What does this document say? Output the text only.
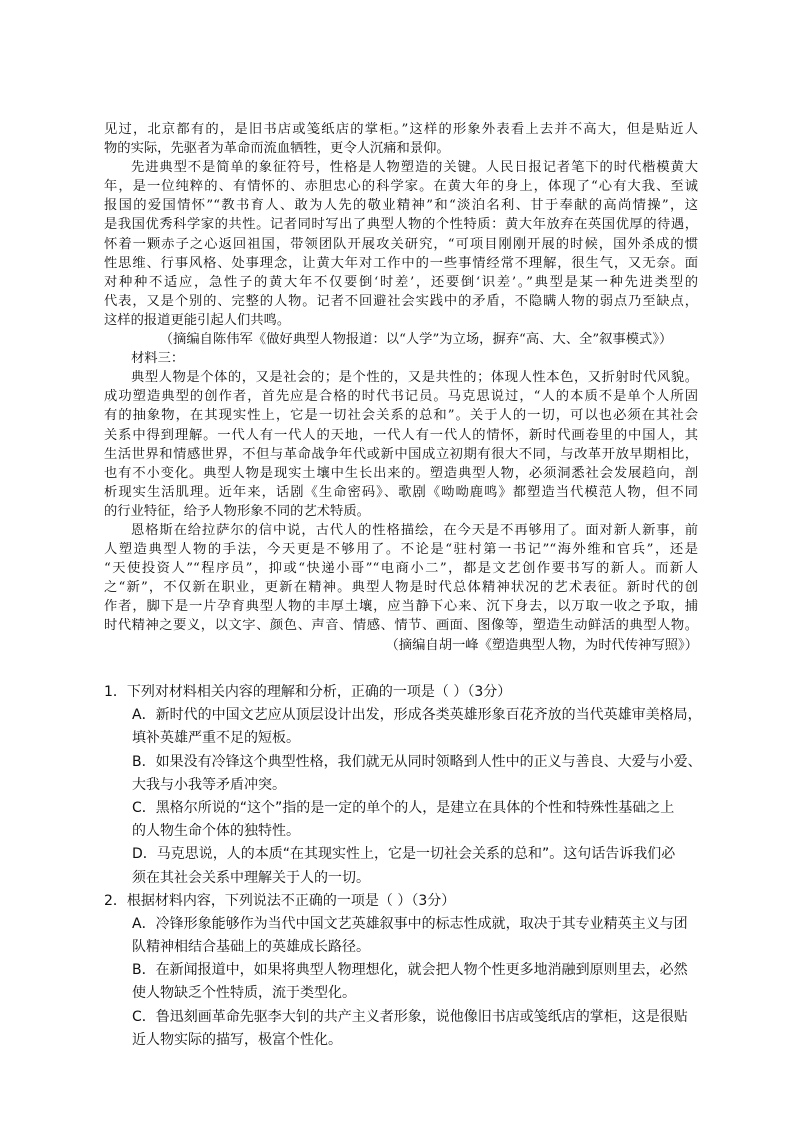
见过，北京都有的，是旧书店或笺纸店的掌柜。”这样的形象外表看上去并不高大，但是贴近人
物的实际，先驱者为革命而流血牺牲，更令人沉痛和景仰。
先进典型不是简单的象征符号，性格是人物塑造的关键。人民日报记者笔下的时代楷模黄大
年，是一位纯粹的、有情怀的、赤胆忠心的科学家。在黄大年的身上，体现了“心有大我、至诚
报国的爱国情怀”“教书育人、敢为人先的敬业精神”和“淡泊名利、甘于奉献的高尚情操”，这
是我国优秀科学家的共性。记者同时写出了典型人物的个性特质：黄大年放弃在英国优厚的待遇，
怀着一颗赤子之心返回祖国，带领团队开展攻关研究，“可项目刚刚开展的时候，国外杀成的惯
性思维、行事风格、处事理念，让黄大年对工作中的一些事情经常不理解，很生气，又无奈。面
对种种不适应，急性子的黄大年不仅要倒‘时差’，还要倒‘识差’。”典型是某一种先进类型的
代表，又是个别的、完整的人物。记者不回避社会实践中的矛盾，不隐瞒人物的弱点乃至缺点，
这样的报道更能引起人们共鸣。
（摘编自陈伟军《做好典型人物报道：以“人学”为立场，摒弃“高、大、全”叙事模式》）
材料三：
典型人物是个体的，又是社会的；是个性的，又是共性的；体现人性本色，又折射时代风貌。
成功塑造典型的创作者，首先应是合格的时代书记员。马克思说过，“人的本质不是单个人所固
有的抽象物，在其现实性上，它是一切社会关系的总和”。关于人的一切，可以也必须在其社会
关系中得到理解。一代人有一代人的天地，一代人有一代人的情怀，新时代画卷里的中国人，其
生活世界和情感世界，不但与革命战争年代或新中国成立初期有很大不同，与改革开放早期相比，
也有不小变化。典型人物是现实土壤中生长出来的。塑造典型人物，必须洞悉社会发展趋向，剖
析现实生活肌理。近年来，话剧《生命密码》、歌剧《呦呦鹿鸣》都塑造当代模范人物，但不同
的行业特征，给予人物形象不同的艺术特质。
恩格斯在给拉萨尔的信中说，古代人的性格描绘，在今天是不再够用了。面对新人新事，前
人塑造典型人物的手法，今天更是不够用了。不论是“驻村第一书记”“海外维和官兵”，还是
“天使投资人”“程序员”，抑或“快递小哥”“电商小二”，都是文艺创作要书写的新人。而新人
之“新”，不仅新在职业，更新在精神。典型人物是时代总体精神状况的艺术表征。新时代的创
作者，脚下是一片孕育典型人物的丰厚土壤，应当静下心来、沉下身去，以万取一收之予取，捕
时代精神之要义，以文字、颜色、声音、情感、情节、画面、图像等，塑造生动鲜活的典型人物。
（摘编自胡一峰《塑造典型人物，为时代传神写照》）
1．下列对材料相关内容的理解和分析，正确的一项是（ ）（3分）
A．新时代的中国文艺应从顶层设计出发，形成各类英雄形象百花齐放的当代英雄审美格局，
填补英雄严重不足的短板。
B．如果没有冷锋这个典型性格，我们就无从同时领略到人性中的正义与善良、大爱与小爱、
大我与小我等矛盾冲突。
C．黑格尔所说的“这个”指的是一定的单个的人，是建立在具体的个性和特殊性基础之上
的人物生命个体的独特性。
D．马克思说，人的本质“在其现实性上，它是一切社会关系的总和”。这句话告诉我们必
须在其社会关系中理解关于人的一切。
2．根据材料内容，下列说法不正确的一项是（ ）（3分）
A．冷锋形象能够作为当代中国文艺英雄叙事中的标志性成就，取决于其专业精英主义与团
队精神相结合基础上的英雄成长路径。
B．在新闻报道中，如果将典型人物理想化，就会把人物个性更多地消融到原则里去，必然
使人物缺乏个性特质，流于类型化。
C．鲁迅刻画革命先驱李大钊的共产主义者形象，说他像旧书店或笺纸店的掌柜，这是很贴
近人物实际的描写，极富个性化。
